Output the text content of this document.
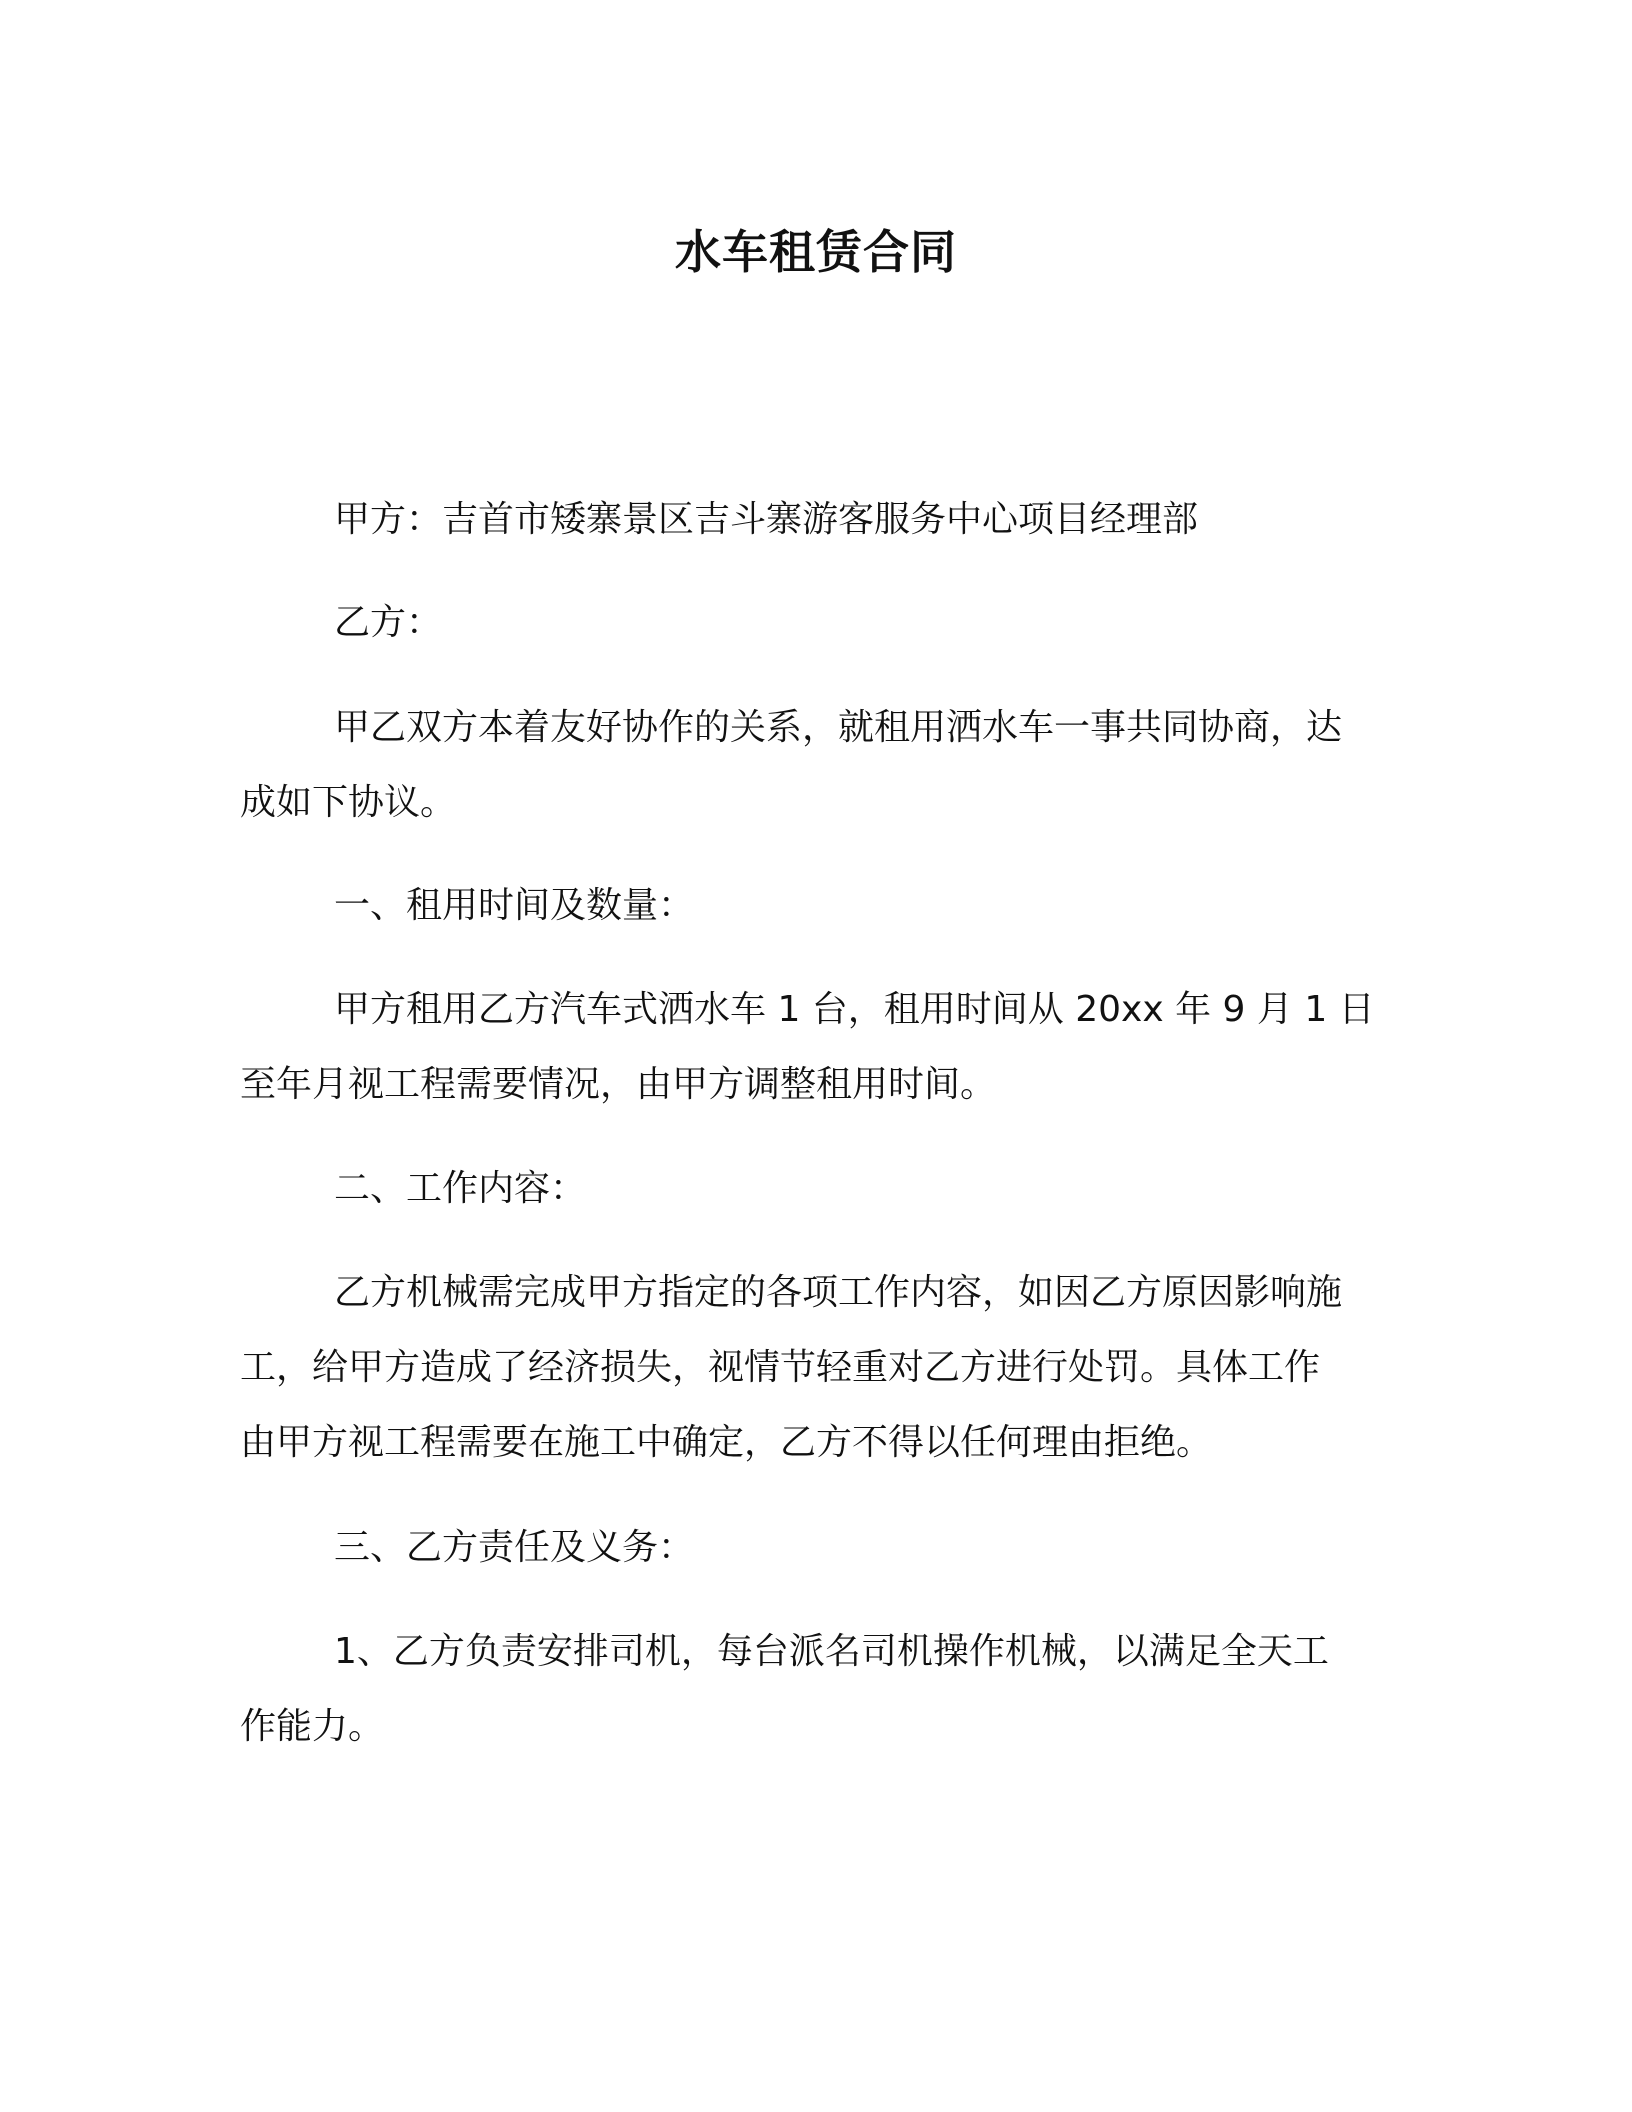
水车租赁合同
甲方：吉首市矮寨景区吉斗寨游客服务中心项目经理部
乙方：
甲乙双方本着友好协作的关系，就租用洒水车一事共同协商，达
成如下协议。
一、租用时间及数量：
甲方租用乙方汽车式洒水车 1 台，租用时间从 20xx 年 9 月 1 日
至年月视工程需要情况，由甲方调整租用时间。
二、工作内容：
乙方机械需完成甲方指定的各项工作内容，如因乙方原因影响施
工，给甲方造成了经济损失，视情节轻重对乙方进行处罚。具体工作
由甲方视工程需要在施工中确定，乙方不得以任何理由拒绝。
三、乙方责任及义务：
1、乙方负责安排司机，每台派名司机操作机械，以满足全天工
作能力。
